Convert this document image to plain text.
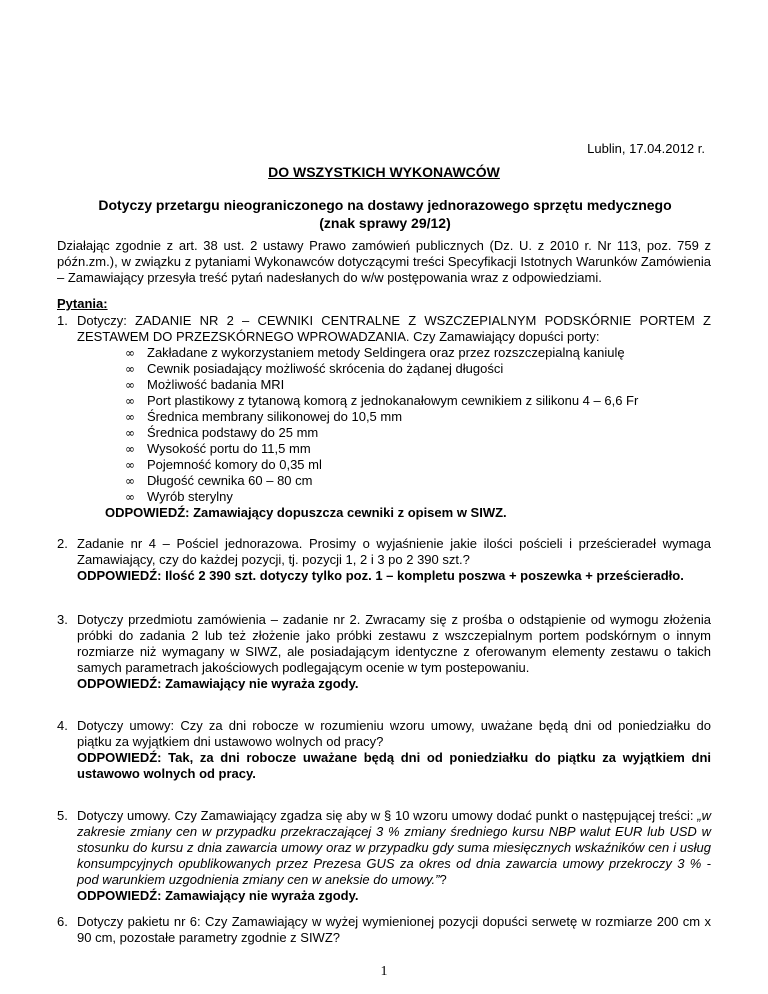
Lublin, 17.04.2012 r.
DO WSZYSTKICH WYKONAWCÓW
Dotyczy przetargu nieograniczonego na dostawy jednorazowego sprzętu medycznego
(znak sprawy 29/12)
Działając zgodnie z art. 38 ust. 2 ustawy Prawo zamówień publicznych (Dz. U. z 2010 r. Nr 113, poz. 759 z późn.zm.), w związku z pytaniami Wykonawców dotyczącymi treści Specyfikacji Istotnych Warunków Zamówienia – Zamawiający przesyła treść pytań nadesłanych do w/w postępowania wraz z odpowiedziami.
Pytania:
1. Dotyczy: ZADANIE NR 2 – CEWNIKI CENTRALNE Z WSZCZEPIALNYM PODSKÓRNIE PORTEM Z ZESTAWEM DO PRZEZSKÓRNEGO WPROWADZANIA. Czy Zamawiający dopuści porty:
∞ Zakładane z wykorzystaniem metody Seldingera oraz przez rozszczepialną kaniulę
∞ Cewnik posiadający możliwość skrócenia do żądanej długości
∞ Możliwość badania MRI
∞ Port plastikowy z tytanową komorą z jednokanałowym cewnikiem z silikonu 4 – 6,6 Fr
∞ Średnica membrany silikonowej do 10,5 mm
∞ Średnica podstawy do 25 mm
∞ Wysokość portu do 11,5 mm
∞ Pojemność komory do 0,35 ml
∞ Długość cewnika 60 – 80 cm
∞ Wyrób sterylny
ODPOWIEDŹ: Zamawiający dopuszcza cewniki z opisem w SIWZ.
2. Zadanie nr 4 – Pościel jednorazowa. Prosimy o wyjaśnienie jakie ilości pościeli i prześcieradeł wymaga Zamawiający, czy do każdej pozycji, tj. pozycji 1, 2 i 3 po 2 390 szt.?
ODPOWIEDŹ: Ilość 2 390 szt. dotyczy tylko poz. 1 – kompletu poszwa + poszewka + prześcieradło.
3. Dotyczy przedmiotu zamówienia – zadanie nr 2. Zwracamy się z prośba o odstąpienie od wymogu złożenia próbki do zadania 2 lub też złożenie jako próbki zestawu z wszczepialnym portem podskórnym o innym rozmiarze niż wymagany w SIWZ, ale posiadającym identyczne z oferowanym elementy zestawu o takich samych parametrach jakościowych podlegającym ocenie w tym postepowaniu.
ODPOWIEDŹ: Zamawiający nie wyraża zgody.
4. Dotyczy umowy: Czy za dni robocze w rozumieniu wzoru umowy, uważane będą dni od poniedziałku do piątku za wyjątkiem dni ustawowo wolnych od pracy?
ODPOWIEDŹ: Tak, za dni robocze uważane będą dni od poniedziałku do piątku za wyjątkiem dni ustawowo wolnych od pracy.
5. Dotyczy umowy. Czy Zamawiający zgadza się aby w § 10 wzoru umowy dodać punkt o następującej treści: „w zakresie zmiany cen w przypadku przekraczającej 3 % zmiany średniego kursu NBP walut EUR lub USD w stosunku do kursu z dnia zawarcia umowy oraz w przypadku gdy suma miesięcznych wskaźników cen i usług konsumpcyjnych opublikowanych przez Prezesa GUS za okres od dnia zawarcia umowy przekroczy 3 % - pod warunkiem uzgodnienia zmiany cen w aneksie do umowy.”?
ODPOWIEDŹ: Zamawiający nie wyraża zgody.
6. Dotyczy pakietu nr 6: Czy Zamawiający w wyżej wymienionej pozycji dopuści serwetę w rozmiarze 200 cm x 90 cm, pozostałe parametry zgodnie z SIWZ?
1
